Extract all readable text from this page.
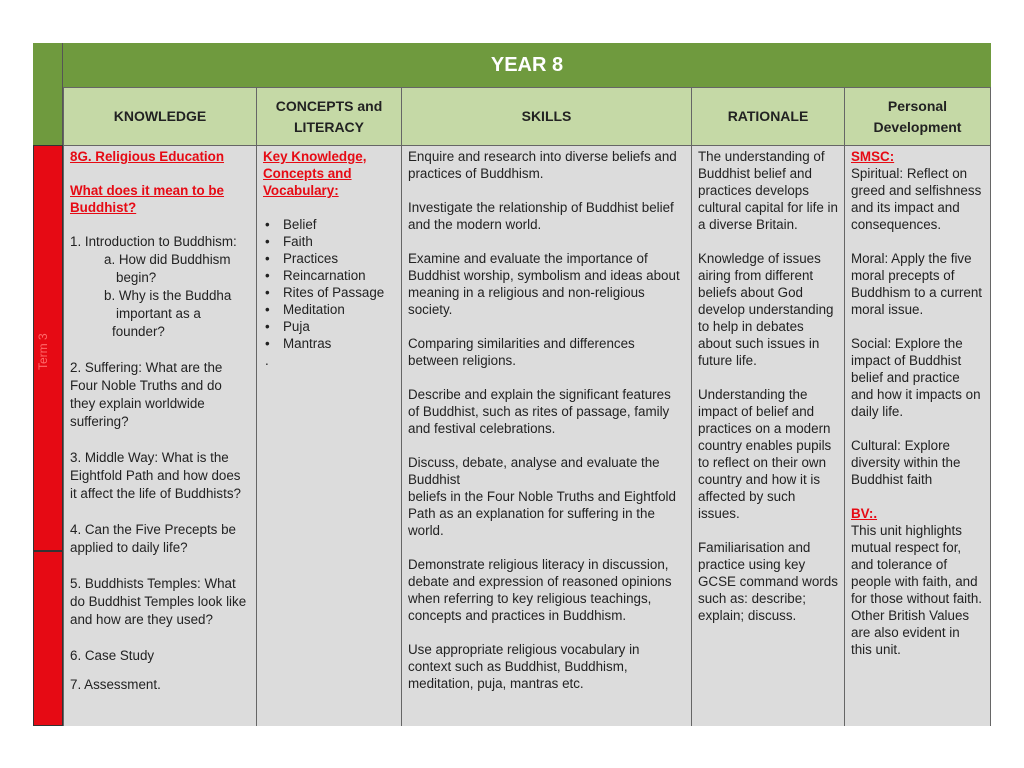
Term 3
YEAR 8
KNOWLEDGE
CONCEPTS and LITERACY
SKILLS	RATIONALE
Personal Development

8G. Religious Education

What does it mean to be Buddhist?

1. Introduction to Buddhism:

a. How did Buddhism

begin?

b. Why is the Buddha

important as a

founder?

2. Suffering: What are the Four Noble Truths and do they explain worldwide suffering?

3. Middle Way: What is the Eightfold Path and how does it affect the life of Buddhists?

4. Can the Five Precepts be applied to daily life?

5. Buddhists Temples: What do Buddhist Temples look like and how are they used?

6. Case Study

7. Assessment.

Key Knowledge, Concepts and Vocabulary:

• Belief
• Faith
• Practices
• Reincarnation
• Rites of Passage
• Meditation
• Puja
• Mantras

.

Enquire and research into diverse beliefs and practices of Buddhism.

Investigate the relationship of Buddhist belief and the modern world.

Examine and evaluate the importance of Buddhist worship, symbolism and ideas about meaning in a religious and non-religious society.

Comparing similarities and differences between religions.

Describe and explain the significant features of Buddhist, such as rites of passage, family and festival celebrations.

Discuss, debate, analyse and evaluate the Buddhist

beliefs in the Four Noble Truths and Eightfold Path as an explanation for suffering in the world.

Demonstrate religious literacy in discussion, debate and expression of reasoned opinions when referring to key religious teachings, concepts and practices in Buddhism.

Use appropriate religious vocabulary in context such as Buddhist, Buddhism, meditation, puja, mantras etc.

The understanding of Buddhist belief and practices develops cultural capital for life in a diverse Britain.

Knowledge of issues airing from different beliefs about God develop understanding to help in debates about such issues in future life.

Understanding the impact of belief and practices on a modern country enables pupils to reflect on their own country and how it is affected by such issues.

Familiarisation and practice using key GCSE command words such as: describe; explain; discuss.

SMSC:

Spiritual: Reflect on greed and selfishness and its impact and consequences.

Moral: Apply the five moral precepts of Buddhism to a current moral issue.

Social: Explore the impact of Buddhist belief and practice and how it impacts on daily life.

Cultural: Explore diversity within the Buddhist faith

BV:.

This unit highlights mutual respect for, and tolerance of people with faith, and for those without faith. Other British Values are also evident in this unit.
